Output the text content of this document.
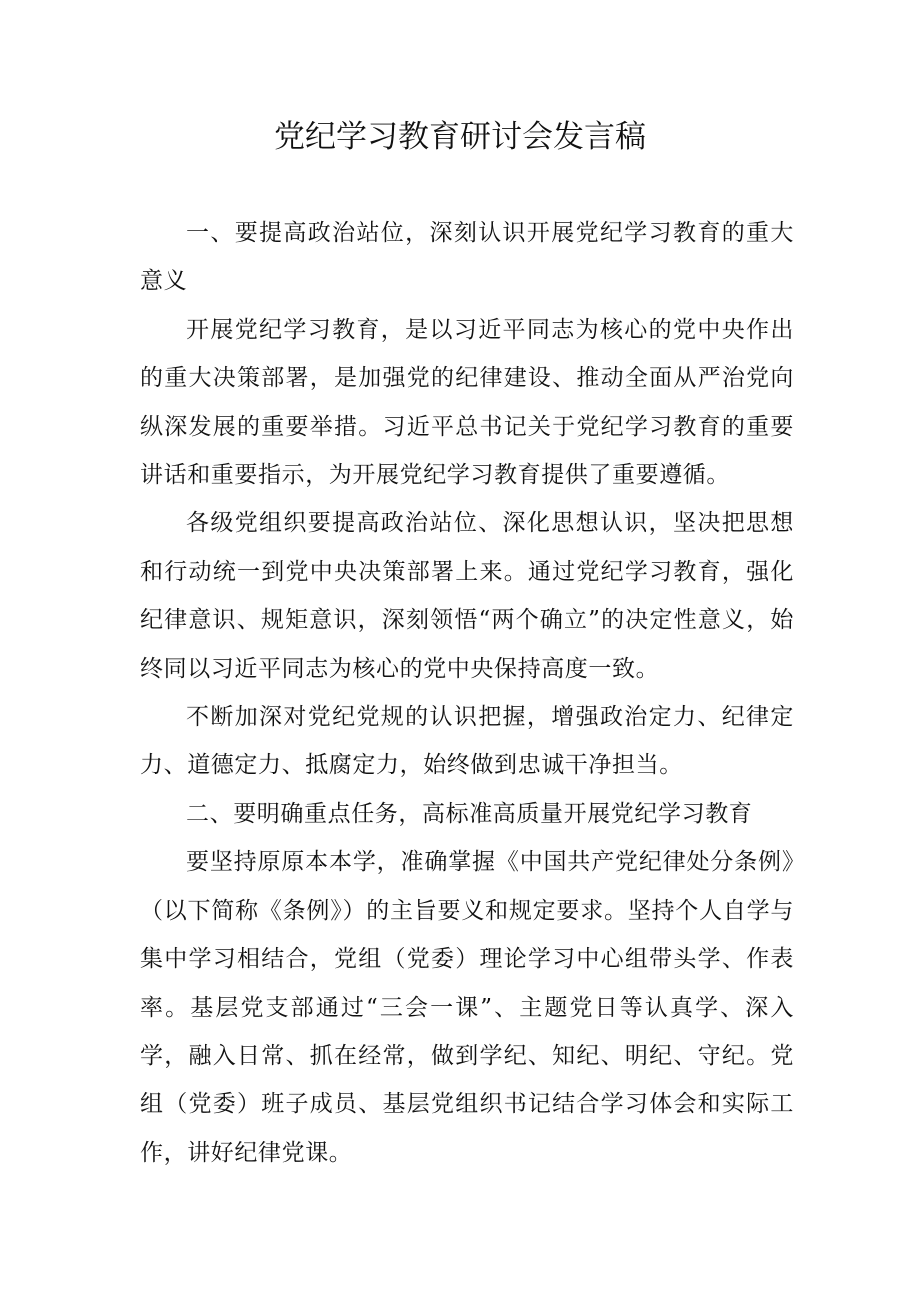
党纪学习教育研讨会发言稿

一、要提高政治站位，深刻认识开展党纪学习教育的重大意义

开展党纪学习教育，是以习近平同志为核心的党中央作出的重大决策部署，是加强党的纪律建设、推动全面从严治党向纵深发展的重要举措。习近平总书记关于党纪学习教育的重要讲话和重要指示，为开展党纪学习教育提供了重要遵循。

各级党组织要提高政治站位、深化思想认识，坚决把思想和行动统一到党中央决策部署上来。通过党纪学习教育，强化纪律意识、规矩意识，深刻领悟“两个确立”的决定性意义，始终同以习近平同志为核心的党中央保持高度一致。

不断加深对党纪党规的认识把握，增强政治定力、纪律定力、道德定力、抵腐定力，始终做到忠诚干净担当。

二、要明确重点任务，高标准高质量开展党纪学习教育

要坚持原原本本学，准确掌握《中国共产党纪律处分条例》（以下简称《条例》）的主旨要义和规定要求。坚持个人自学与集中学习相结合，党组（党委）理论学习中心组带头学、作表率。基层党支部通过“三会一课”、主题党日等认真学、深入学，融入日常、抓在经常，做到学纪、知纪、明纪、守纪。党组（党委）班子成员、基层党组织书记结合学习体会和实际工作，讲好纪律党课。
